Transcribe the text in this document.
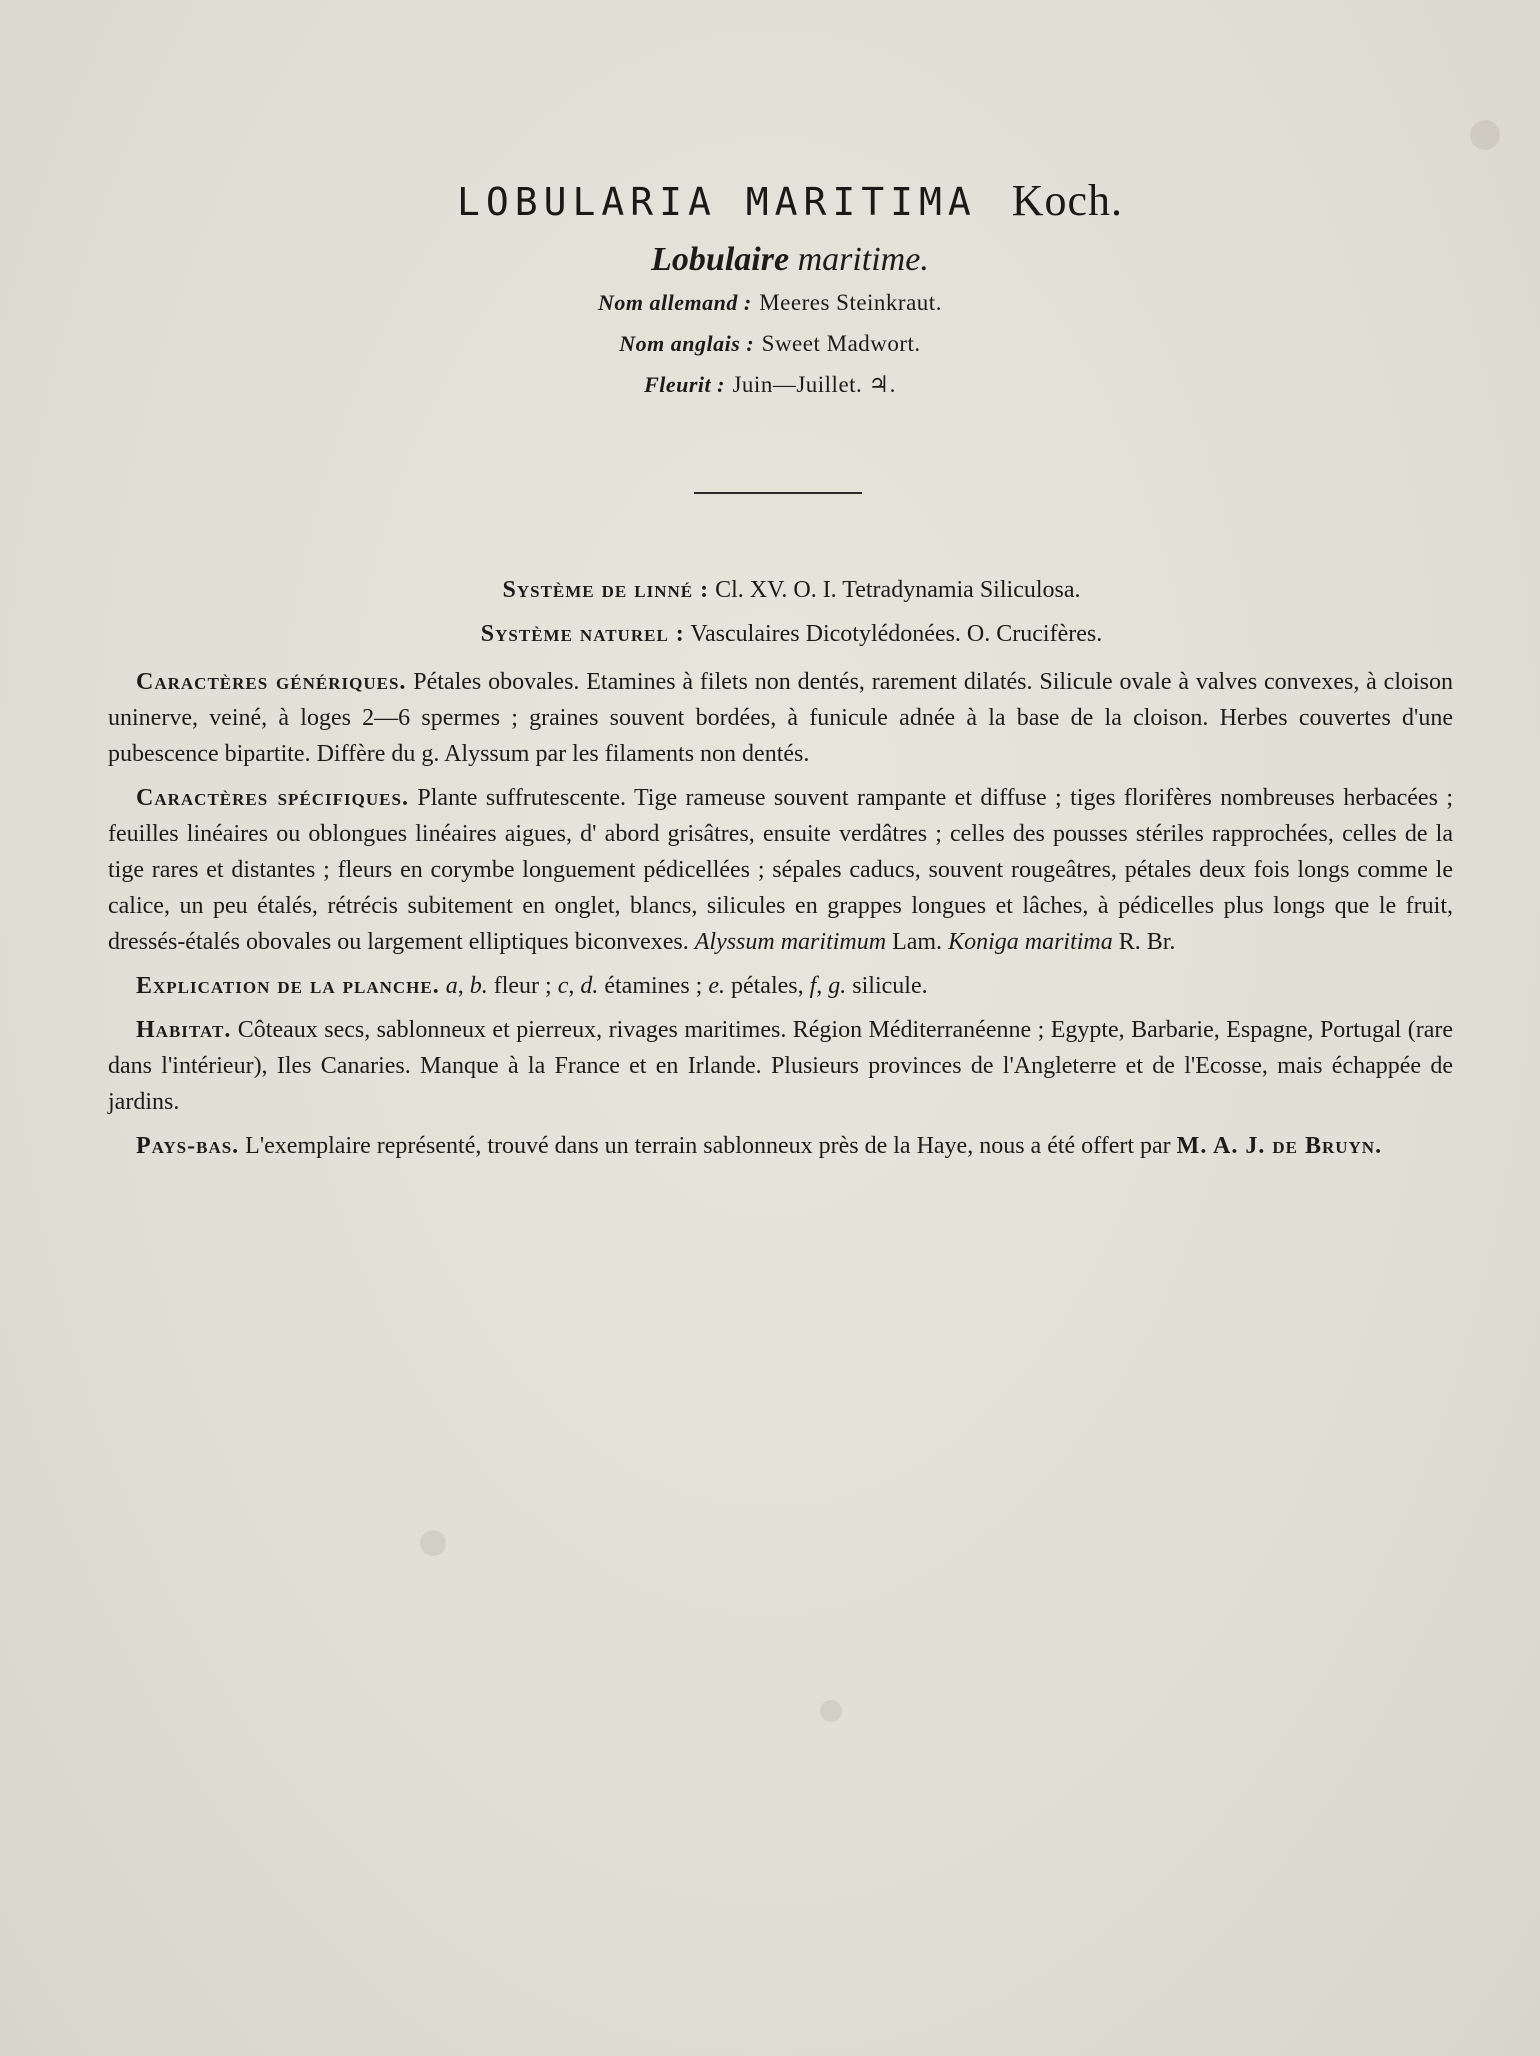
LOBULARIA MARITIMA Koch.

Lobulaire maritime.

Nom allemand : Meeres Steinkraut.

Nom anglais : Sweet Madwort.

Fleurit : Juin—Juillet. ♃.

Système de linné : Cl. XV. O. I. Tetradynamia Siliculosa.

Système naturel : Vasculaires Dicotylédonées. O. Crucifères.

Caractères génériques. Pétales obovales. Etamines à filets non dentés, rarement dilatés. Silicule ovale à valves convexes, à cloison uninerve, veiné, à loges 2—6 spermes ; graines souvent bordées, à funicule adnée à la base de la cloison. Herbes couvertes d'une pubescence bipartite. Diffère du g. Alyssum par les filaments non dentés.

Caractères spécifiques. Plante suffrutescente. Tige rameuse souvent rampante et diffuse ; tiges florifères nombreuses herbacées ; feuilles linéaires ou oblongues linéaires aigues, d' abord grisâtres, ensuite verdâtres ; celles des pousses stériles rapprochées, celles de la tige rares et distantes ; fleurs en corymbe longuement pédicellées ; sépales caducs, souvent rougeâtres, pétales deux fois longs comme le calice, un peu étalés, rétrécis subitement en onglet, blancs, silicules en grappes longues et lâches, à pédicelles plus longs que le fruit, dressés-étalés obovales ou largement elliptiques biconvexes. Alyssum maritimum Lam. Koniga maritima R. Br.

Explication de la planche. a, b. fleur ; c, d. étamines ; e. pétales, f, g. silicule.

Habitat. Côteaux secs, sablonneux et pierreux, rivages maritimes. Région Méditerranéenne ; Egypte, Barbarie, Espagne, Portugal (rare dans l'intérieur), Iles Canaries. Manque à la France et en Irlande. Plusieurs provinces de l'Angleterre et de l'Ecosse, mais échappée de jardins.

Pays-bas. L'exemplaire représenté, trouvé dans un terrain sablonneux près de la Haye, nous a été offert par M. A. J. de Bruyn.
